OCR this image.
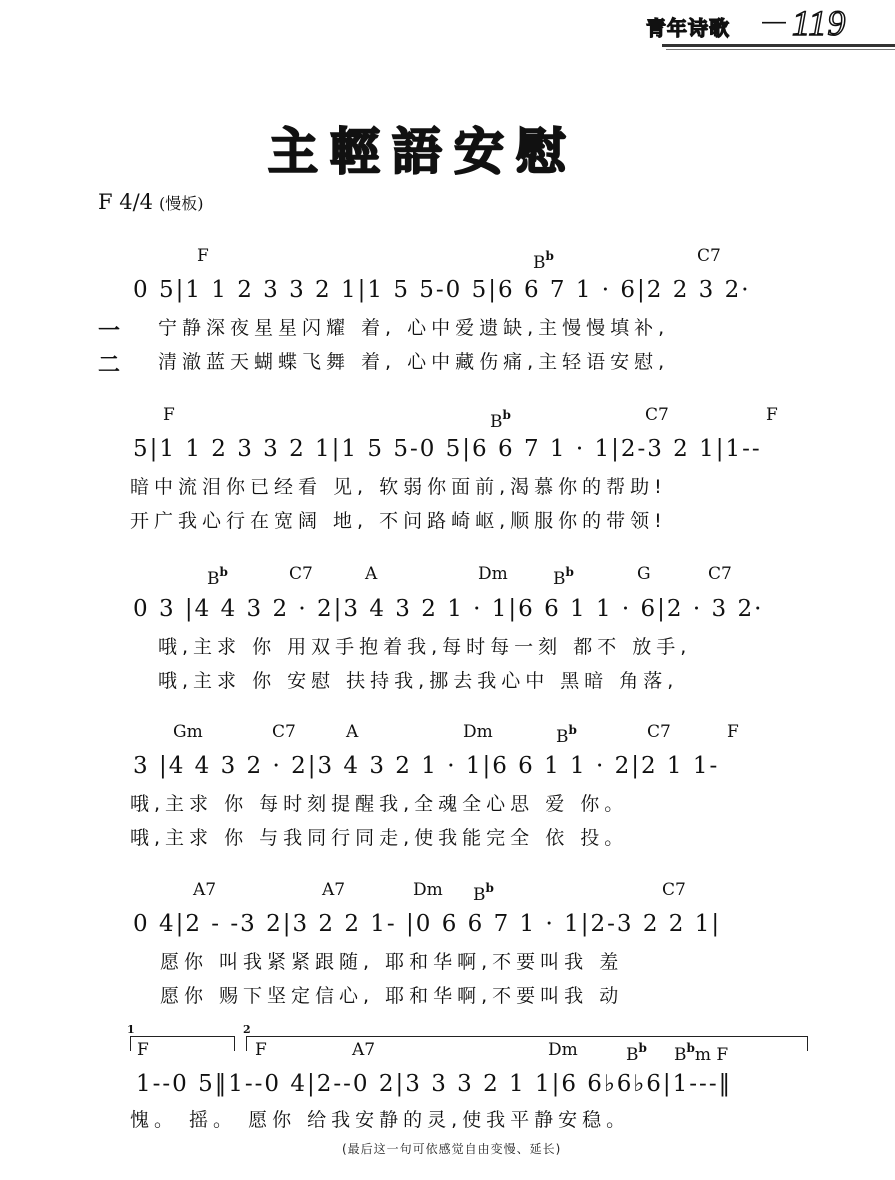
青年诗歌 — 119
主輕語安慰
F 4/4 (慢板)
F	$B^b$	C7
0 5|1 1 2 3 3 2 1|1 5 5-0 5|6 6 7 1 · 6|2 2 3 2·
一 宁静深夜星星闪耀 着, 心中爱遗缺,主慢慢填补,
二 清澈蓝天蝴蝶飞舞 着, 心中藏伤痛,主轻语安慰,
F	$B^b$	C7	F
5|1 1 2 3 3 2 1|1 5 5-0 5|6 6 7 1 · 1|2-3 2 1|1--
暗中流泪你已经看 见, 软弱你面前,渴慕你的帮助!
开广我心行在宽阔 地, 不问路崎岖,顺服你的带领!
$B^b$	C7	A	Dm	$B^b$	G	C7
0 3 |4 4 3 2 · 2|3 4 3 2 1 · 1|6 6 1 1 · 6|2 · 3 2·
哦,主求 你 用双手抱着我,每时每一刻 都不 放手,
哦,主求 你 安慰 扶持我,挪去我心中 黑暗 角落,
Gm	C7	A	Dm	$B^b$	C7	F
3 |4 4 3 2 · 2|3 4 3 2 1 · 1|6 6 1 1 · 2|2 1 1-
哦,主求 你 每时刻提醒我,全魂全心思 爱 你。
哦,主求 你 与我同行同走,使我能完全 依 投。
A7	A7	Dm $B^b$	C7
0 4|2 - -3 2|3 2 2 1- |0 6 6 7 1 · 1|2-3 2 2 1|
愿你 叫我紧紧跟随, 耶和华啊,不要叫我 羞
愿你 赐下坚定信心, 耶和华啊,不要叫我 动
1	2
F	F	A7	Dm	$B^b$ $B^bm$ F
1--0 5‖1--0 4|2--0 2|3 3 3 2 1 1|6 6♭6♭6|1---‖
愧。 摇。 愿你 给我安静的灵,使我平静安稳。
(最后这一句可依感觉自由变慢、延长)
